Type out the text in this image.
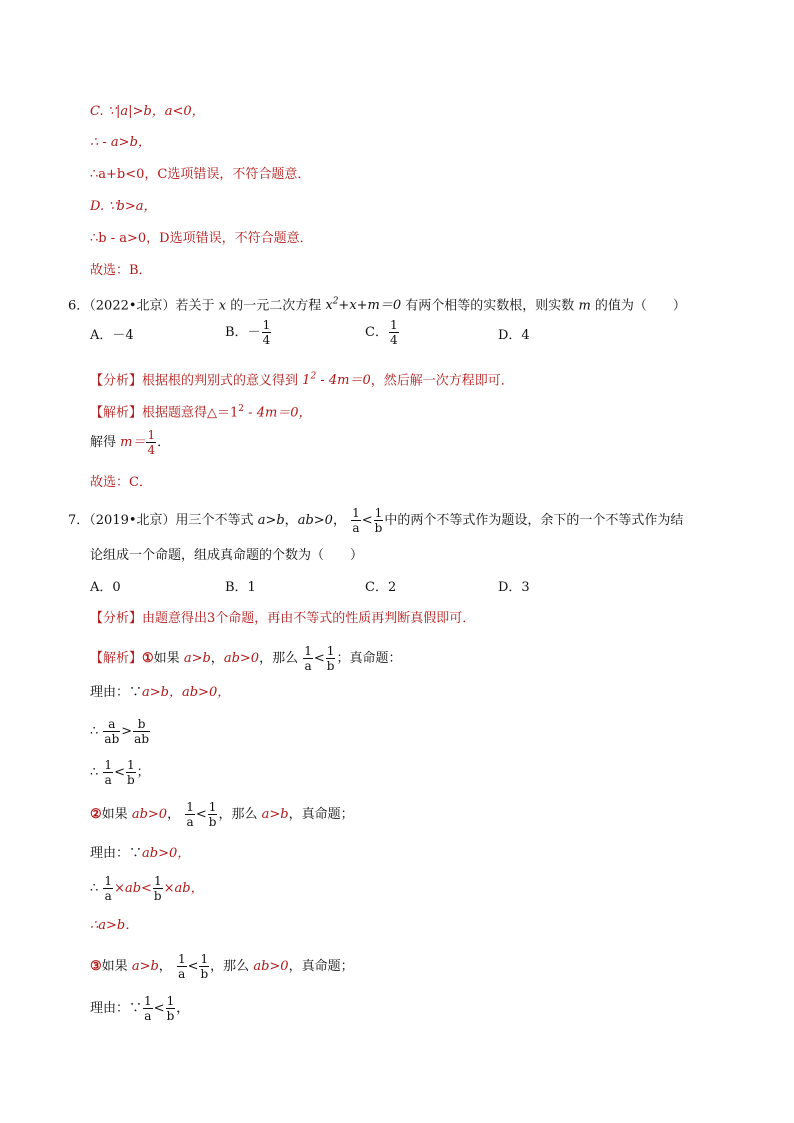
C. ∵|a|>b，a<0，
∴ - a>b，
∴a+b<0，C选项错误，不符合题意．
D. ∵b>a，
∴b - a>0，D选项错误，不符合题意．
故选：B．
6．（2022•北京）若关于 x 的一元二次方程 $x^2+x+m=0$ 有两个相等的实数根，则实数 m 的值为（　　）
A．－4	B．－ $\frac{1}{4}$	C． $\frac{1}{4}$	D．4
【分析】根据根的判别式的意义得到 $1^2 - 4m=0$，然后解一次方程即可．
【解析】根据题意得$\triangle=1^2 - 4m=0$，
解得 $m= \frac{1}{4}$ ．
故选：C．
7．（2019•北京）用三个不等式 a>b，ab>0， $\frac{1}{a} < \frac{1}{b}$ 中的两个不等式作为题设，余下的一个不等式作为结
论组成一个命题，组成真命题的个数为（　　）
A．0	B．1	C．2	D．3
【分析】由题意得出3个命题，再由不等式的性质再判断真假即可．
【解析】①如果 a>b，ab>0，那么 $\frac{1}{a} < \frac{1}{b}$ ；真命题：
理由：∵a>b，ab>0，
∴ $\frac{a}{ab} > \frac{b}{ab}$
∴ $\frac{1}{a} < \frac{1}{b}$ ；
②如果 ab>0， $\frac{1}{a} < \frac{1}{b}$ ，那么 a>b，真命题；
理由：∵ab>0，
∴ $\frac{1}{a} \times ab< \frac{1}{b} \times ab$，
∴a>b．
③如果 a>b， $\frac{1}{a} < \frac{1}{b}$ ，那么 ab>0，真命题；
理由：∵ $\frac{1}{a} < \frac{1}{b}$ ，
